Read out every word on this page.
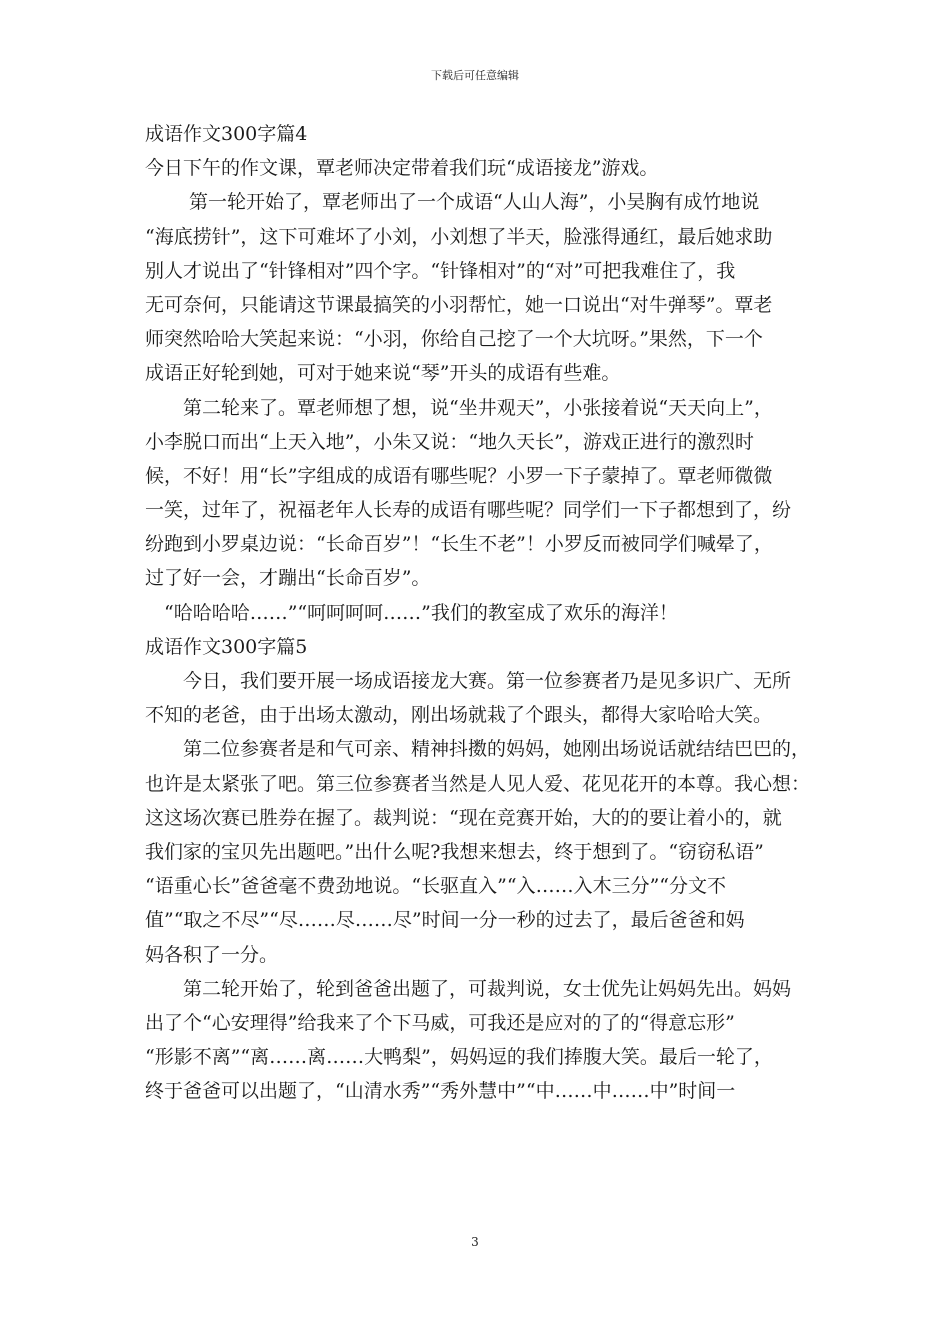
下载后可任意编辑
成语作文300字篇4
今日下午的作文课，覃老师决定带着我们玩“成语接龙”游戏。
第一轮开始了，覃老师出了一个成语“人山人海”，小吴胸有成竹地说
“海底捞针”，这下可难坏了小刘，小刘想了半天，脸涨得通红，最后她求助
别人才说出了“针锋相对”四个字。“针锋相对”的“对”可把我难住了，我
无可奈何，只能请这节课最搞笑的小羽帮忙，她一口说出“对牛弹琴”。覃老
师突然哈哈大笑起来说：“小羽，你给自己挖了一个大坑呀。”果然，下一个
成语正好轮到她，可对于她来说“琴”开头的成语有些难。
第二轮来了。覃老师想了想，说“坐井观天”，小张接着说“天天向上”，
小李脱口而出“上天入地”，小朱又说：“地久天长”，游戏正进行的激烈时
候，不好！用“长”字组成的成语有哪些呢？小罗一下子蒙掉了。覃老师微微
一笑，过年了，祝福老年人长寿的成语有哪些呢？同学们一下子都想到了，纷
纷跑到小罗桌边说：“长命百岁”！“长生不老”！小罗反而被同学们喊晕了，
过了好一会，才蹦出“长命百岁”。
“哈哈哈哈……”“呵呵呵呵……”我们的教室成了欢乐的海洋！
成语作文300字篇5
今日，我们要开展一场成语接龙大赛。第一位参赛者乃是见多识广、无所
不知的老爸，由于出场太激动，刚出场就栽了个跟头，都得大家哈哈大笑。
第二位参赛者是和气可亲、精神抖擞的妈妈，她刚出场说话就结结巴巴的，
也许是太紧张了吧。第三位参赛者当然是人见人爱、花见花开的本尊。我心想：
这这场次赛已胜券在握了。裁判说：“现在竞赛开始，大的的要让着小的，就
我们家的宝贝先出题吧。”出什么呢?我想来想去，终于想到了。“窃窃私语”
“语重心长”爸爸毫不费劲地说。“长驱直入”“入……入木三分”“分文不
值”“取之不尽”“尽……尽……尽”时间一分一秒的过去了，最后爸爸和妈
妈各积了一分。
第二轮开始了，轮到爸爸出题了，可裁判说，女士优先让妈妈先出。妈妈
出了个“心安理得”给我来了个下马威，可我还是应对的了的“得意忘形”
“形影不离”“离……离……大鸭梨”，妈妈逗的我们捧腹大笑。最后一轮了，
终于爸爸可以出题了，“山清水秀”“秀外慧中”“中……中……中”时间一
3
